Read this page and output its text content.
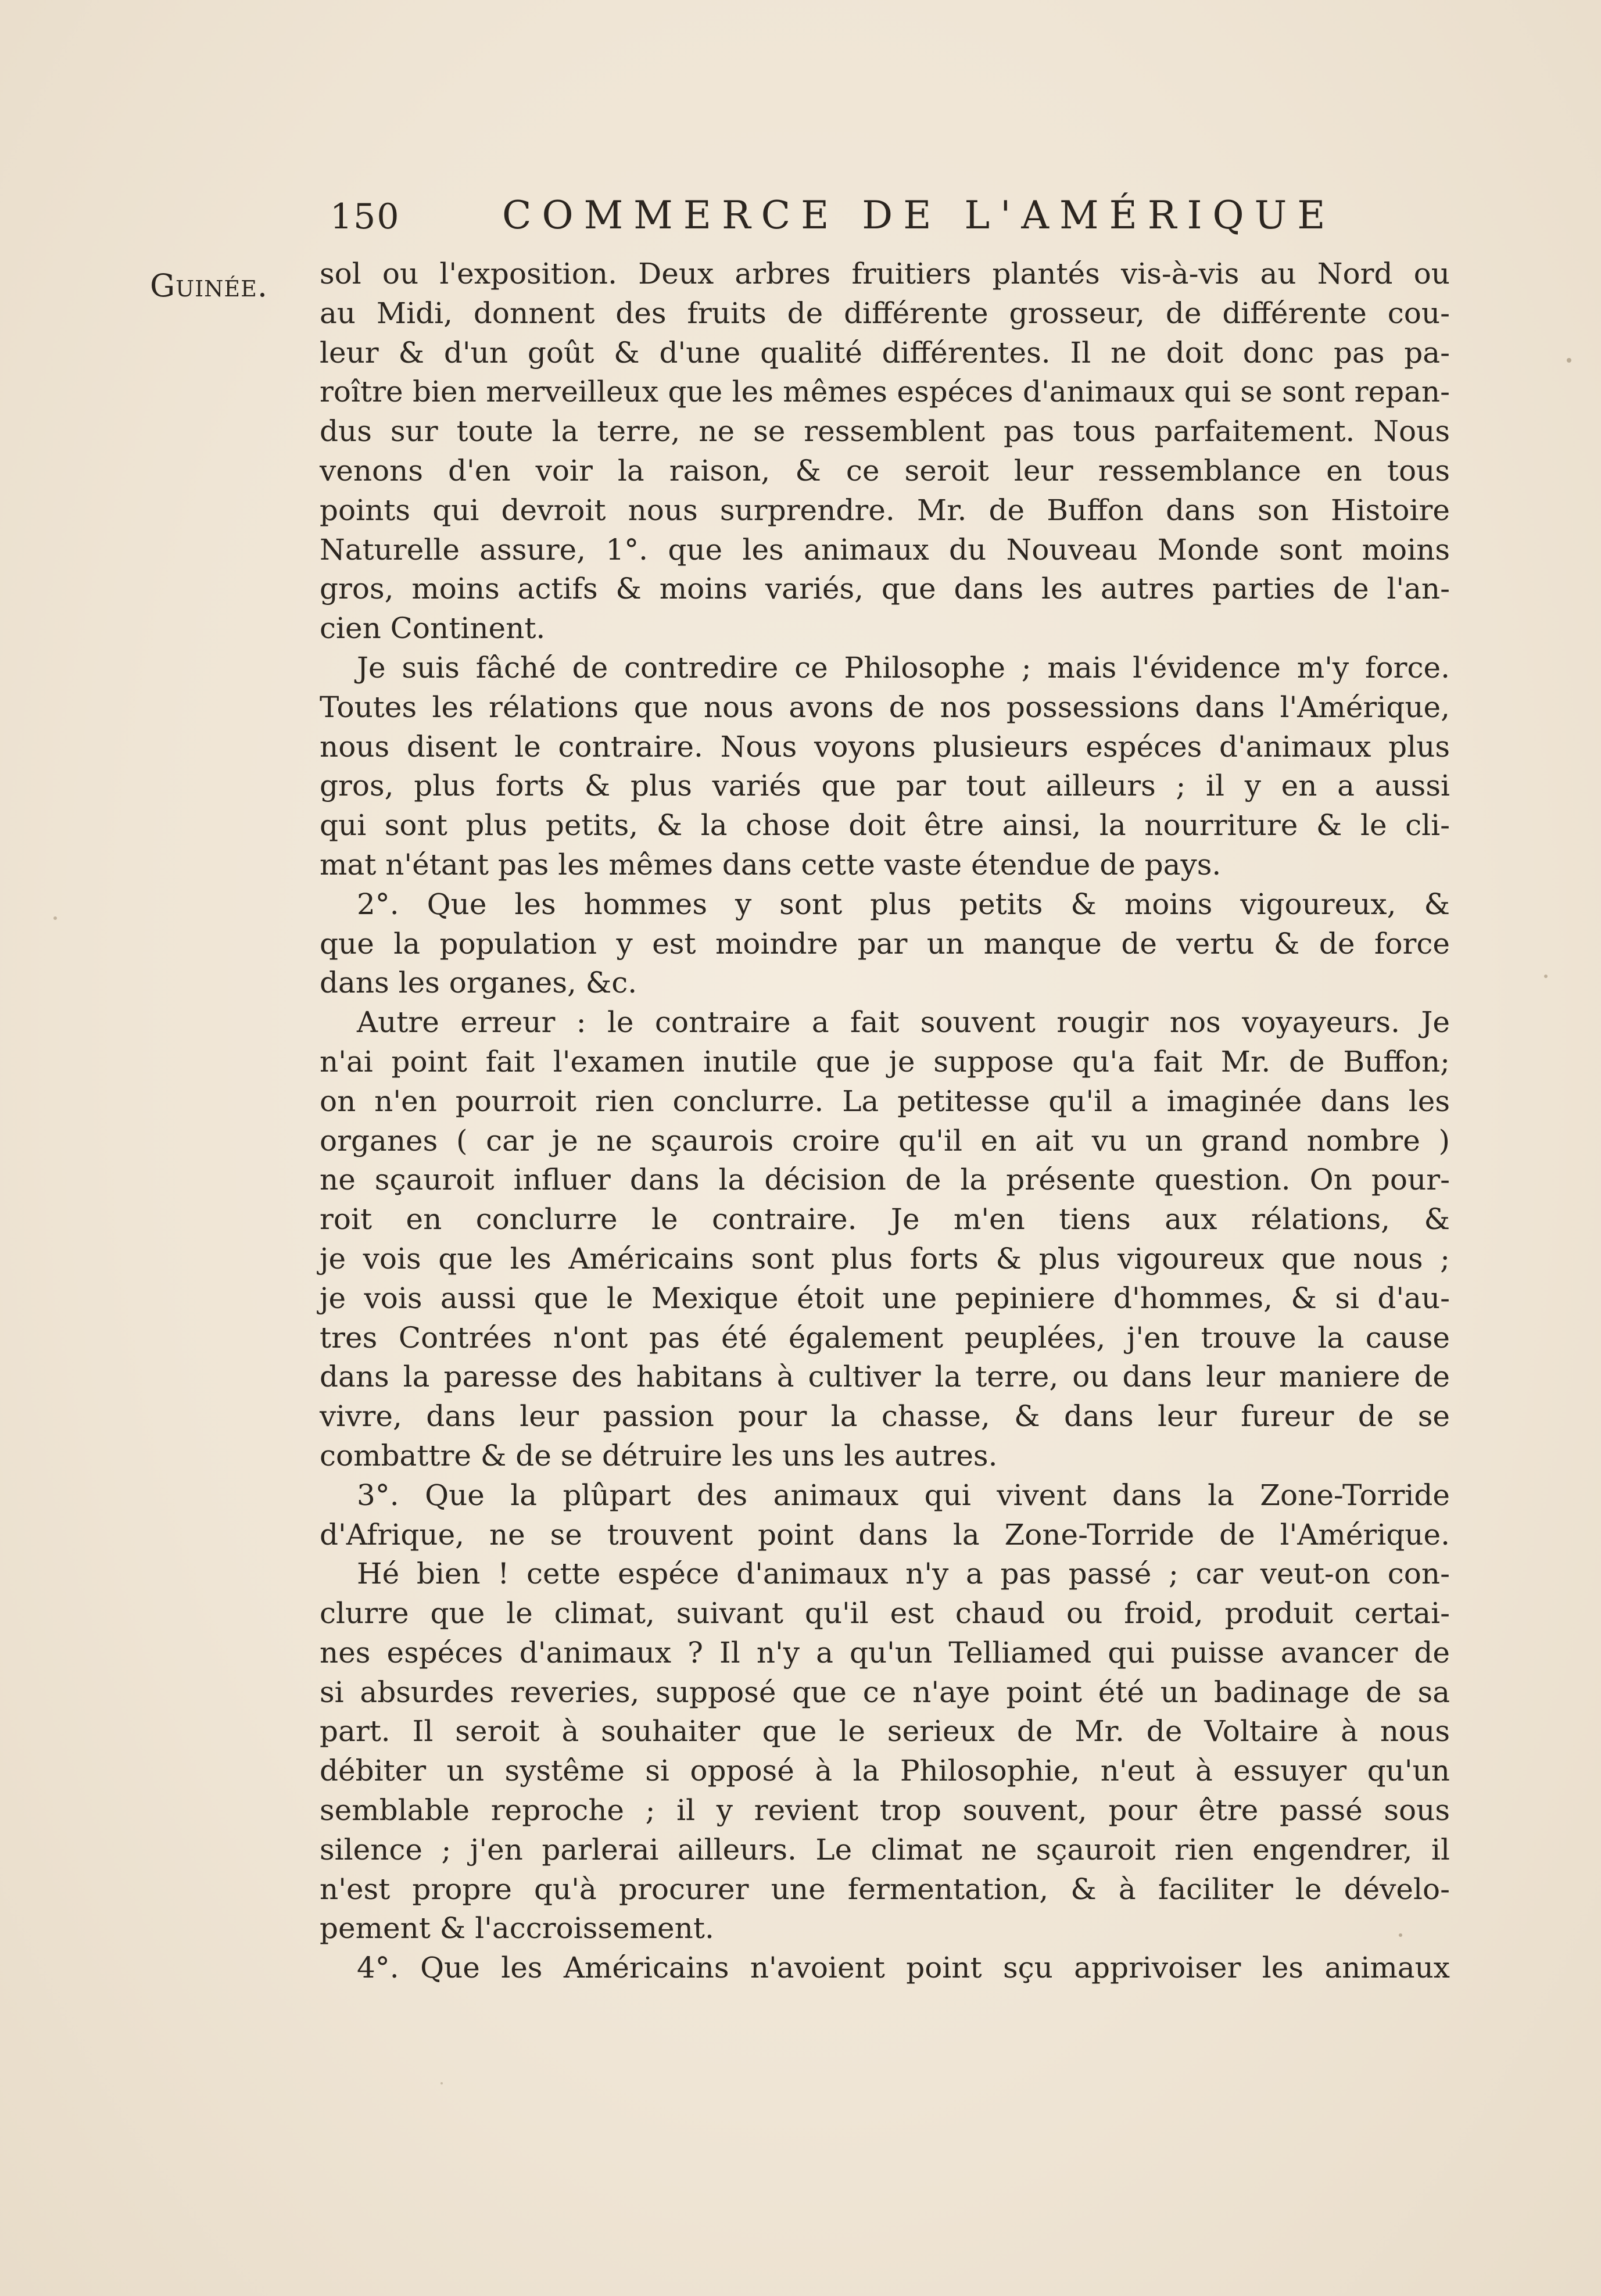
150	COMMERCE DE L'AMÉRIQUE
Guinée. sol ou l'exposition. Deux arbres fruitiers plantés vis-à-vis au Nord ou
au Midi, donnent des fruits de différente grosseur, de différente cou-
leur & d'un goût & d'une qualité différentes. Il ne doit donc pas pa-
roître bien merveilleux que les mêmes espéces d'animaux qui se sont repan-
dus sur toute la terre, ne se ressemblent pas tous parfaitement. Nous
venons d'en voir la raison, & ce seroit leur ressemblance en tous
points qui devroit nous surprendre. Mr. de Buffon dans son Histoire
Naturelle assure, 1°. que les animaux du Nouveau Monde sont moins
gros, moins actifs & moins variés, que dans les autres parties de l'an-
cien Continent.
Je suis fâché de contredire ce Philosophe ; mais l'évidence m'y force.
Toutes les rélations que nous avons de nos possessions dans l'Amérique,
nous disent le contraire. Nous voyons plusieurs espéces d'animaux plus
gros, plus forts & plus variés que par tout ailleurs ; il y en a aussi
qui sont plus petits, & la chose doit être ainsi, la nourriture & le cli-
mat n'étant pas les mêmes dans cette vaste étendue de pays.
2°. Que les hommes y sont plus petits & moins vigoureux, &
que la population y est moindre par un manque de vertu & de force
dans les organes, &c.
Autre erreur : le contraire a fait souvent rougir nos voyayeurs. Je
n'ai point fait l'examen inutile que je suppose qu'a fait Mr. de Buffon;
on n'en pourroit rien conclurre. La petitesse qu'il a imaginée dans les
organes ( car je ne sçaurois croire qu'il en ait vu un grand nombre )
ne sçauroit influer dans la décision de la présente question. On pour-
roit en conclurre le contraire. Je m'en tiens aux rélations, &
je vois que les Américains sont plus forts & plus vigoureux que nous ;
je vois aussi que le Mexique étoit une pepiniere d'hommes, & si d'au-
tres Contrées n'ont pas été également peuplées, j'en trouve la cause
dans la paresse des habitans à cultiver la terre, ou dans leur maniere de
vivre, dans leur passion pour la chasse, & dans leur fureur de se
combattre & de se détruire les uns les autres.
3°. Que la plûpart des animaux qui vivent dans la Zone-Torride
d'Afrique, ne se trouvent point dans la Zone-Torride de l'Amérique.
Hé bien ! cette espéce d'animaux n'y a pas passé ; car veut-on con-
clurre que le climat, suivant qu'il est chaud ou froid, produit certai-
nes espéces d'animaux ? Il n'y a qu'un Telliamed qui puisse avancer de
si absurdes reveries, supposé que ce n'aye point été un badinage de sa
part. Il seroit à souhaiter que le serieux de Mr. de Voltaire à nous
débiter un systême si opposé à la Philosophie, n'eut à essuyer qu'un
semblable reproche ; il y revient trop souvent, pour être passé sous
silence ; j'en parlerai ailleurs. Le climat ne sçauroit rien engendrer, il
n'est propre qu'à procurer une fermentation, & à faciliter le dévelo-
pement & l'accroissement.
4°. Que les Américains n'avoient point sçu apprivoiser les animaux
